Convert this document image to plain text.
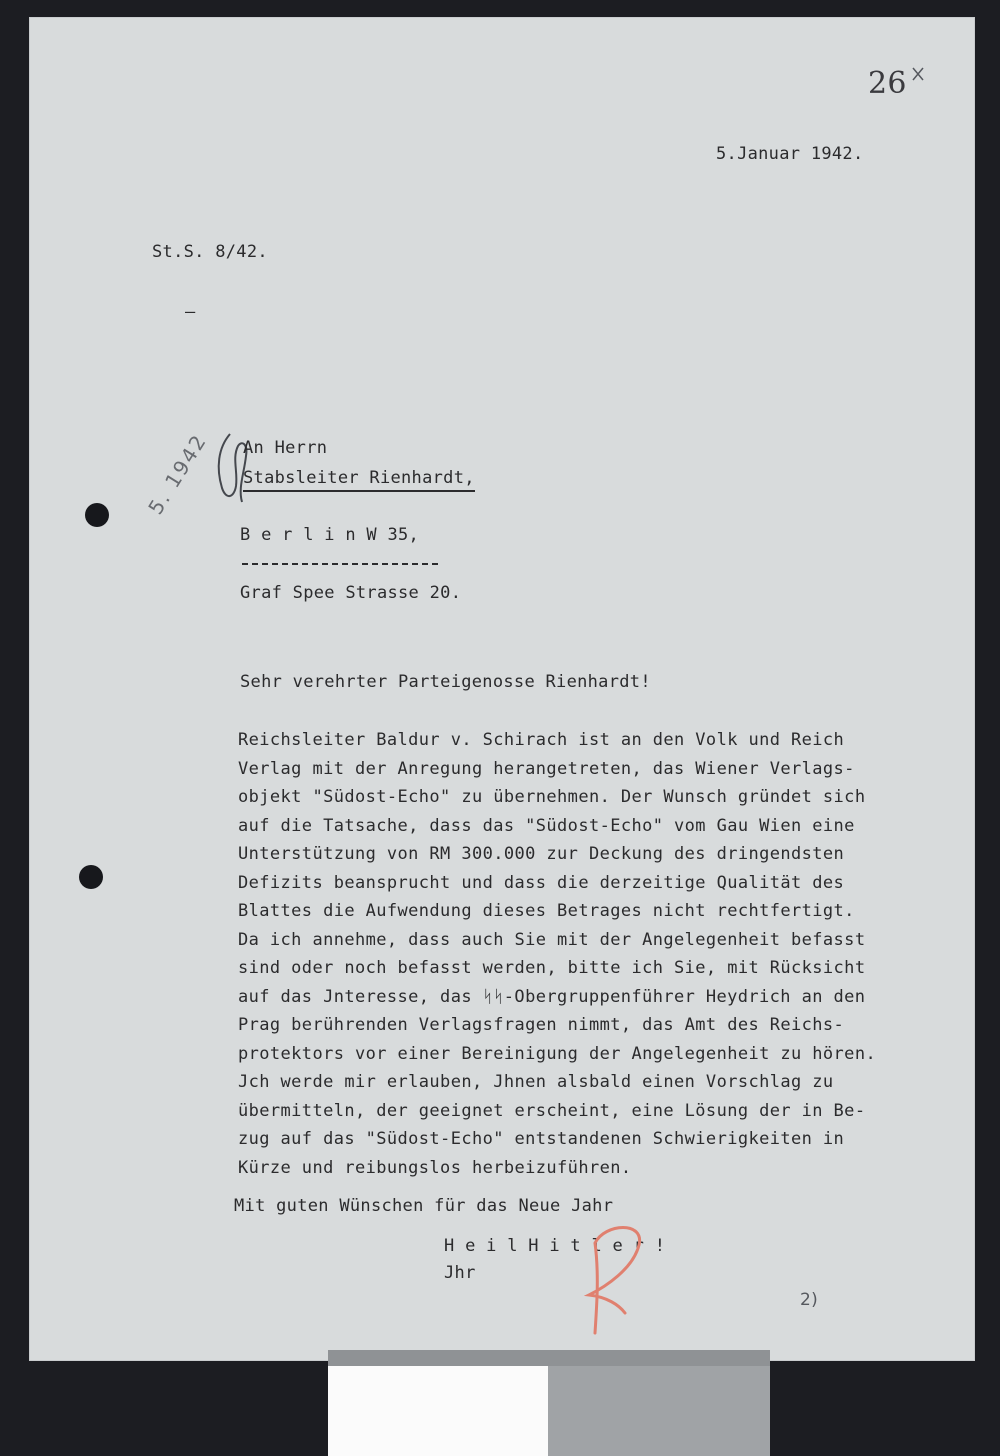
26
5.Januar 1942.
St.S. 8/42.
—
5. 1942	An Herrn
Stabsleiter Rienhardt,
B e r l i n W 35,
Graf Spee Strasse 20.
Sehr verehrter Parteigenosse Rienhardt!
Reichsleiter Baldur v. Schirach ist an den Volk und Reich
Verlag mit der Anregung herangetreten, das Wiener Verlags-
objekt "Südost-Echo" zu übernehmen. Der Wunsch gründet sich
auf die Tatsache, dass das "Südost-Echo" vom Gau Wien eine
Unterstützung von RM 300.000 zur Deckung des dringendsten
Defizits beansprucht und dass die derzeitige Qualität des
Blattes die Aufwendung dieses Betrages nicht rechtfertigt.
Da ich annehme, dass auch Sie mit der Angelegenheit befasst
sind oder noch befasst werden, bitte ich Sie, mit Rücksicht
auf das Jnteresse, das ᛋᛋ-Obergruppenführer Heydrich an den
Prag berührenden Verlagsfragen nimmt, das Amt des Reichs-
protektors vor einer Bereinigung der Angelegenheit zu hören.
Jch werde mir erlauben, Jhnen alsbald einen Vorschlag zu
übermitteln, der geeignet erscheint, eine Lösung der in Be-
zug auf das "Südost-Echo" entstandenen Schwierigkeiten in
Kürze und reibungslos herbeizuführen.
Mit guten Wünschen für das Neue Jahr
H e i l H i t l e r !
Jhr
2)
